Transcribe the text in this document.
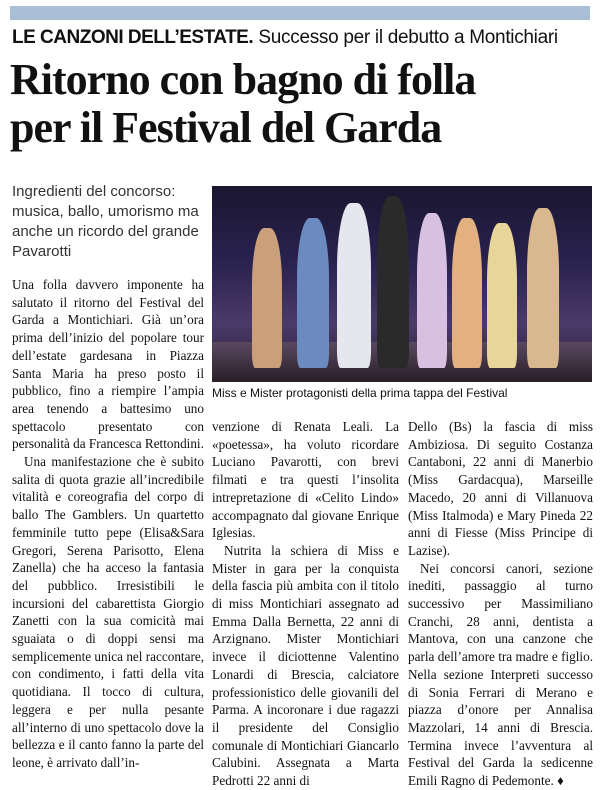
LE CANZONI DELL’ESTATE. Successo per il debutto a Montichiari
Ritorno con bagno di folla
per il Festival del Garda
Ingredienti del concorso: musica, ballo, umorismo ma anche un ricordo del grande Pavarotti
Miss e Mister protagonisti della prima tappa del Festival

Una folla davvero imponente ha salutato il ritorno del Festival del Garda a Montichiari. Già un’ora prima dell’inizio del popolare tour dell’estate gardesana in Piazza Santa Maria ha preso posto il pubblico, fino a riempire l’ampia area tenendo a battesimo uno spettacolo presentato con personalità da Francesca Rettondini.

Una manifestazione che è subito salita di quota grazie all’incredibile vitalità e coreografia del corpo di ballo The Gamblers. Un quartetto femminile tutto pepe (Elisa&Sara Gregori, Serena Parisotto, Elena Zanella) che ha acceso la fantasia del pubblico. Irresistibili le incursioni del cabarettista Giorgio Zanetti con la sua comicità mai sguaiata o di doppi sensi ma semplicemente unica nel raccontare, con condimento, i fatti della vita quotidiana. Il tocco di cultura, leggera e per nulla pesante all’interno di uno spettacolo dove la bellezza e il canto fanno la parte del leone, è arrivato dall’in-

venzione di Renata Leali. La «poetessa», ha voluto ricordare Luciano Pavarotti, con brevi filmati e tra questi l’insolita intrepretazione di «Celito Lindo» accompagnato dal giovane Enrique Iglesias.

Nutrita la schiera di Miss e Mister in gara per la conquista della fascia più ambita con il titolo di miss Montichiari assegnato ad Emma Dalla Bernetta, 22 anni di Arzignano. Mister Montichiari invece il diciottenne Valentino Lonardi di Brescia, calciatore professionistico delle giovanili del Parma. A incoronare i due ragazzi il presidente del Consiglio comunale di Montichiari Giancarlo Calubini. Assegnata a Marta Pedrotti 22 anni di

Dello (Bs) la fascia di miss Ambiziosa. Di seguito Costanza Cantaboni, 22 anni di Manerbio (Miss Gardacqua), Marseille Macedo, 20 anni di Villanuova (Miss Italmoda) e Mary Pineda 22 anni di Fiesse (Miss Principe di Lazise).

Nei concorsi canori, sezione inediti, passaggio al turno successivo per Massimiliano Cranchi, 28 anni, dentista a Mantova, con una canzone che parla dell’amore tra madre e figlio. Nella sezione Interpreti successo di Sonia Ferrari di Merano e piazza d’onore per Annalisa Mazzolari, 14 anni di Brescia. Termina invece l’avventura al Festival del Garda la sedicenne Emili Ragno di Pedemonte. ♦
